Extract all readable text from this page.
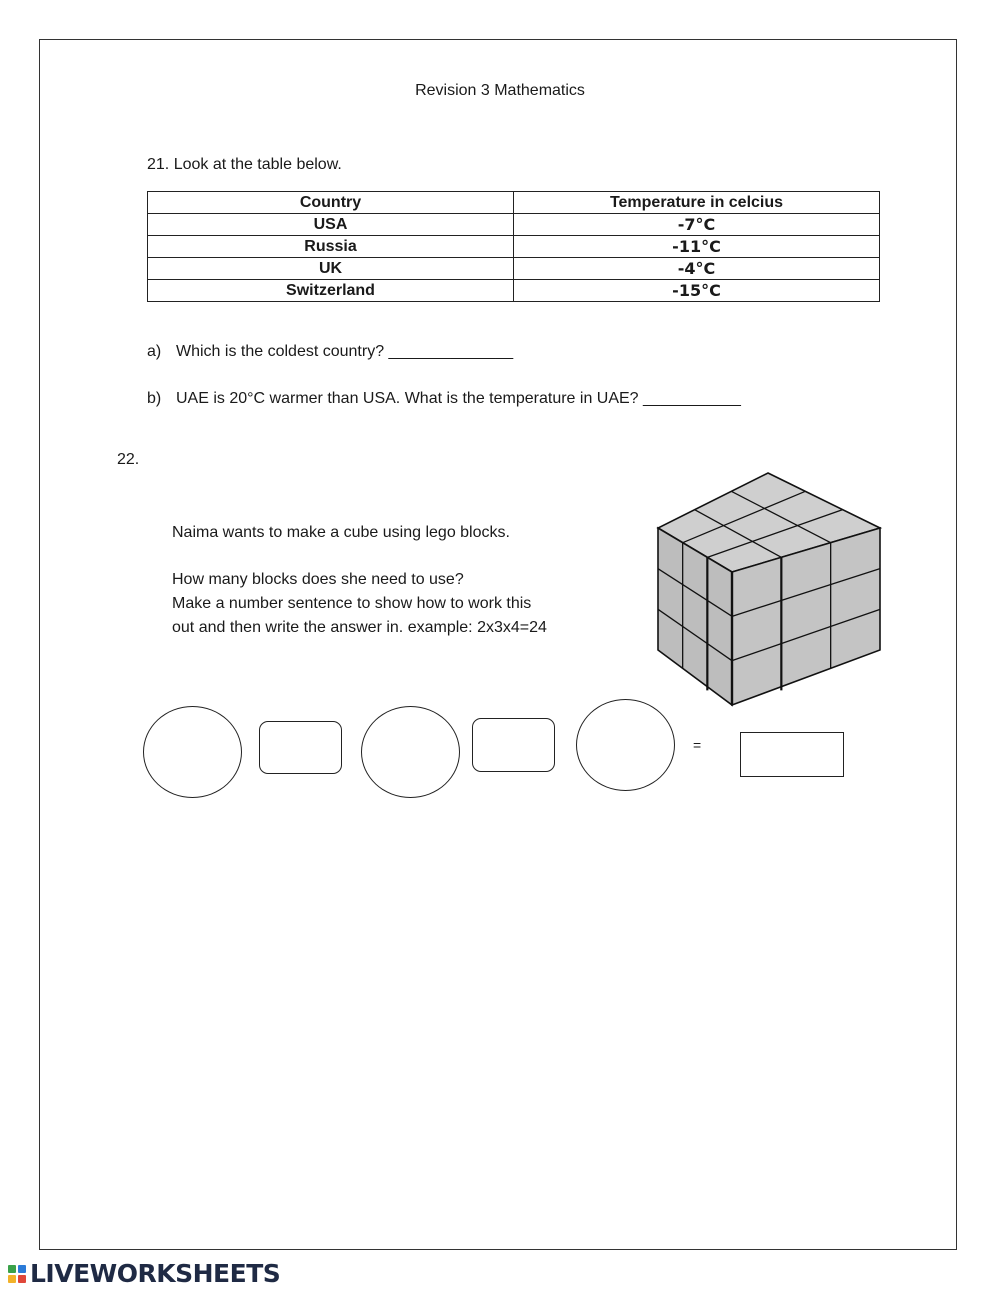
Revision 3 Mathematics
21. Look at the table below.
Country	Temperature in celcius
USA	-7°C
Russia	-11°C
UK	-4°C
Switzerland	-15°C
a) Which is the coldest country? ______________
b) UAE is 20°C warmer than USA. What is the temperature in UAE? ___________
22.
Naima wants to make a cube using lego blocks.
How many blocks does she need to use?
Make a number sentence to show how to work this
out and then write the answer in. example: 2x3x4=24
=
LIVEWORKSHEETS
